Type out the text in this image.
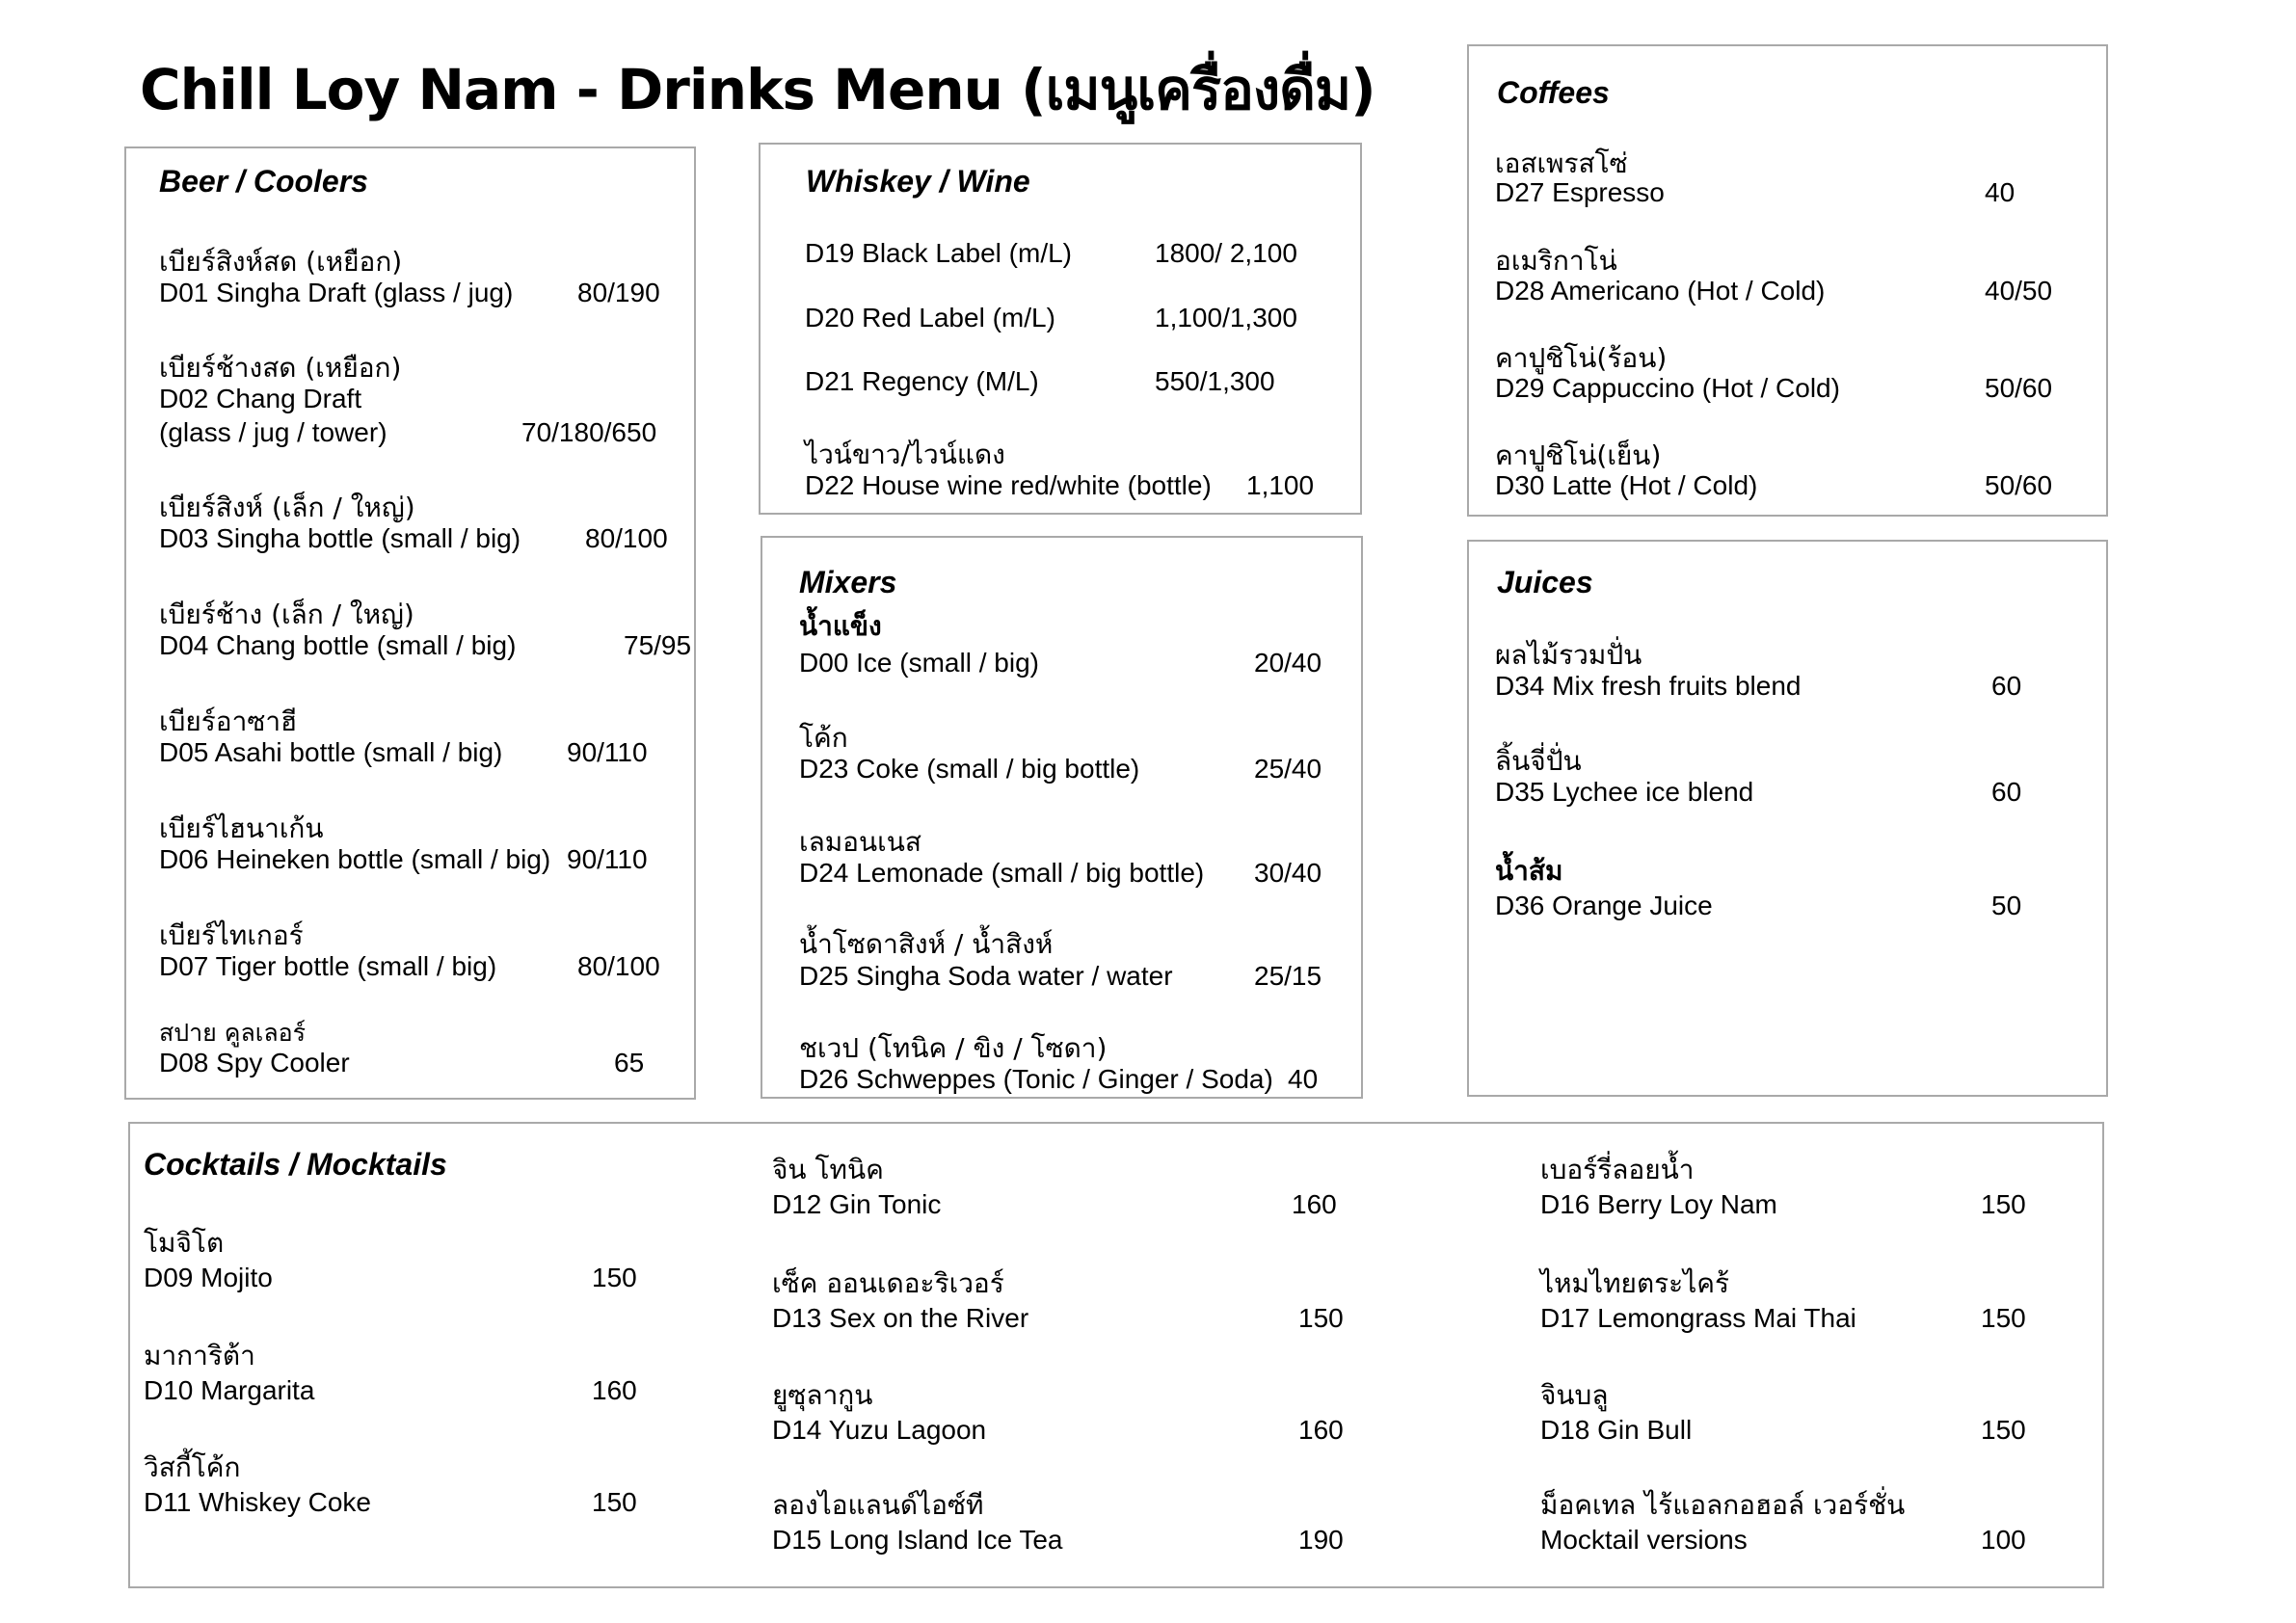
Chill Loy Nam - Drinks Menu (เมนูเครื่องดื่ม)
Beer / Coolers
เบียร์สิงห์สด (เหยือก)
D01 Singha Draft (glass / jug) 80/190
เบียร์ช้างสด (เหยือก)
D02 Chang Draft
(glass / jug / tower)	70/180/650
เบียร์สิงห์ (เล็ก / ใหญ่)
D03 Singha bottle (small / big) 80/100
เบียร์ช้าง (เล็ก / ใหญ่)
D04 Chang bottle (small / big)	75/95
เบียร์อาซาฮี
D05 Asahi bottle (small / big) 90/110
เบียร์ไฮนาเก้น
D06 Heineken bottle (small / big) 90/110
เบียร์ไทเกอร์
D07 Tiger bottle (small / big)	80/100
สปาย คูลเลอร์
D08 Spy Cooler	65
Whiskey / Wine
D19 Black Label (m/L)	1800/ 2,100
D20 Red Label (m/L)	1,100/1,300
D21 Regency (M/L)	550/1,300
ไวน์ขาว/ไวน์แดง
D22 House wine red/white (bottle) 1,100
Mixers
น้ำแข็ง
D00 Ice (small / big)	20/40
โค้ก
D23 Coke (small / big bottle)	25/40
เลมอนเนส
D24 Lemonade (small / big bottle) 30/40
น้ำโซดาสิงห์ / น้ำสิงห์
D25 Singha Soda water / water	25/15
ชเวป (โทนิค / ขิง / โซดา)
D26 Schweppes (Tonic / Ginger / Soda) 40
Coffees
เอสเพรสโซ่
D27 Espresso	40
อเมริกาโน่
D28 Americano (Hot / Cold)	40/50
คาปูชิโน่(ร้อน)
D29 Cappuccino (Hot / Cold)	50/60
คาปูชิโน่(เย็น)
D30 Latte (Hot / Cold)	50/60
Juices
ผลไม้รวมปั่น
D34 Mix fresh fruits blend	60
ลิ้นจี่ปั่น
D35 Lychee ice blend	60
น้ำส้ม
D36 Orange Juice	50
Cocktails / Mocktails
โมจิโต
D09 Mojito	150
มาการิต้า
D10 Margarita	160
วิสกี้โค้ก
D11 Whiskey Coke	150
จิน โทนิค
D12 Gin Tonic	160
เซ็ค ออนเดอะริเวอร์
D13 Sex on the River	150
ยูซุลากูน
D14 Yuzu Lagoon	160
ลองไอแลนด์ไอซ์ที
D15 Long Island Ice Tea	190
เบอร์รี่ลอยน้ำ
D16 Berry Loy Nam	150
ไหมไทยตระไคร้
D17 Lemongrass Mai Thai	150
จินบลู
D18 Gin Bull	150
ม็อคเทล ไร้แอลกอฮอล์ เวอร์ชั่น
Mocktail versions	100
